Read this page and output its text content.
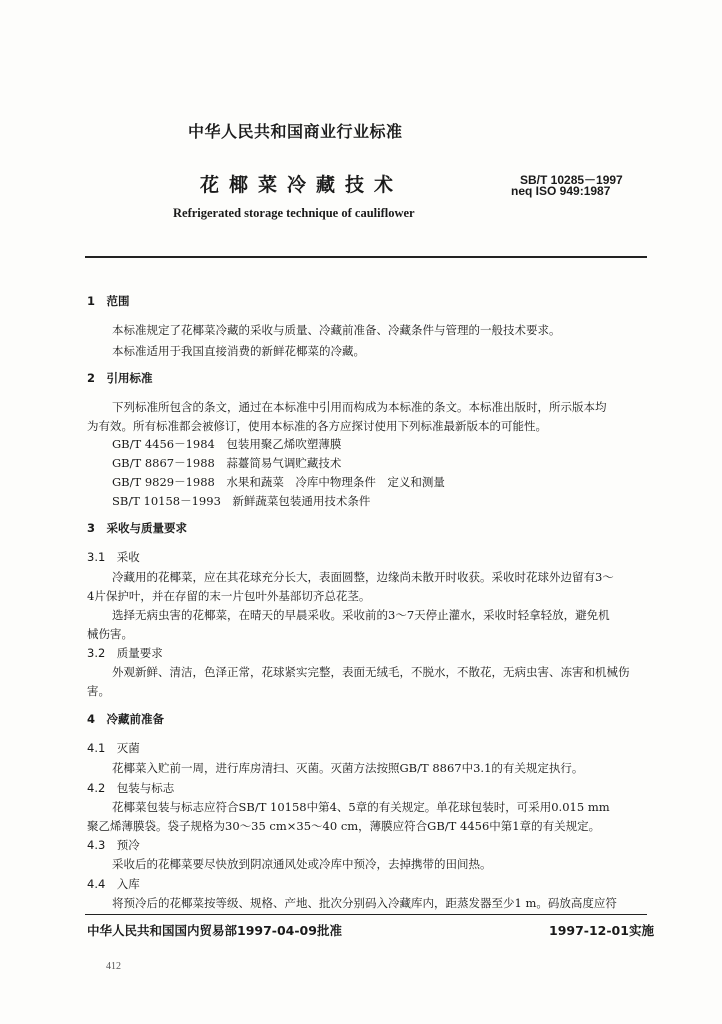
中华人民共和国商业行业标准
花椰菜冷藏技术	SB/T 10285－1997
neq ISO 949:1987
Refrigerated storage technique of cauliflower
1　范围
本标准规定了花椰菜冷藏的采收与质量、冷藏前准备、冷藏条件与管理的一般技术要求。
本标准适用于我国直接消费的新鲜花椰菜的冷藏。
2　引用标准
下列标准所包含的条文，通过在本标准中引用而构成为本标准的条文。本标准出版时，所示版本均
为有效。所有标准都会被修订，使用本标准的各方应探讨使用下列标准最新版本的可能性。
GB/T 4456－1984　包装用聚乙烯吹塑薄膜
GB/T 8867－1988　蒜薹简易气调贮藏技术
GB/T 9829－1988　水果和蔬菜　冷库中物理条件　定义和测量
SB/T 10158－1993　新鲜蔬菜包装通用技术条件
3　采收与质量要求
3.1　采收
冷藏用的花椰菜，应在其花球充分长大，表面圆整，边缘尚未散开时收获。采收时花球外边留有3～
4片保护叶，并在存留的末一片包叶外基部切齐总花茎。
选择无病虫害的花椰菜，在晴天的早晨采收。采收前的3～7天停止灌水，采收时轻拿轻放，避免机
械伤害。
3.2　质量要求
外观新鲜、清洁，色泽正常，花球紧实完整，表面无绒毛，不脱水，不散花，无病虫害、冻害和机械伤
害。
4　冷藏前准备
4.1　灭菌
花椰菜入贮前一周，进行库房清扫、灭菌。灭菌方法按照GB/T 8867中3.1的有关规定执行。
4.2　包装与标志
花椰菜包装与标志应符合SB/T 10158中第4、5章的有关规定。单花球包装时，可采用0.015 mm
聚乙烯薄膜袋。袋子规格为30～35 cm×35～40 cm，薄膜应符合GB/T 4456中第1章的有关规定。
4.3　预冷
采收后的花椰菜要尽快放到阴凉通风处或冷库中预冷，去掉携带的田间热。
4.4　入库
将预冷后的花椰菜按等级、规格、产地、批次分别码入冷藏库内，距蒸发器至少1 m。码放高度应符
中华人民共和国国内贸易部1997-04-09批准	1997-12-01实施
412
